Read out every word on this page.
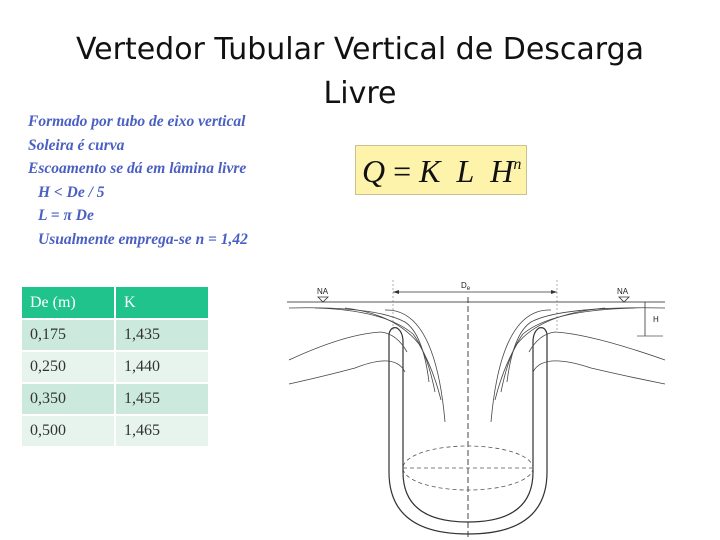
Vertedor Tubular Vertical de Descarga
Livre
Formado por tubo de eixo vertical
Soleira é curva
Escoamento se dá em lâmina livre
H < De / 5
L = π De
Usualmente emprega-se n = 1,42
Q = K L $H^n$
De (m)	K
0,175	1,435
0,250	1,440
0,350	1,455
0,500	1,465
NA	NA
$D_e$
H
